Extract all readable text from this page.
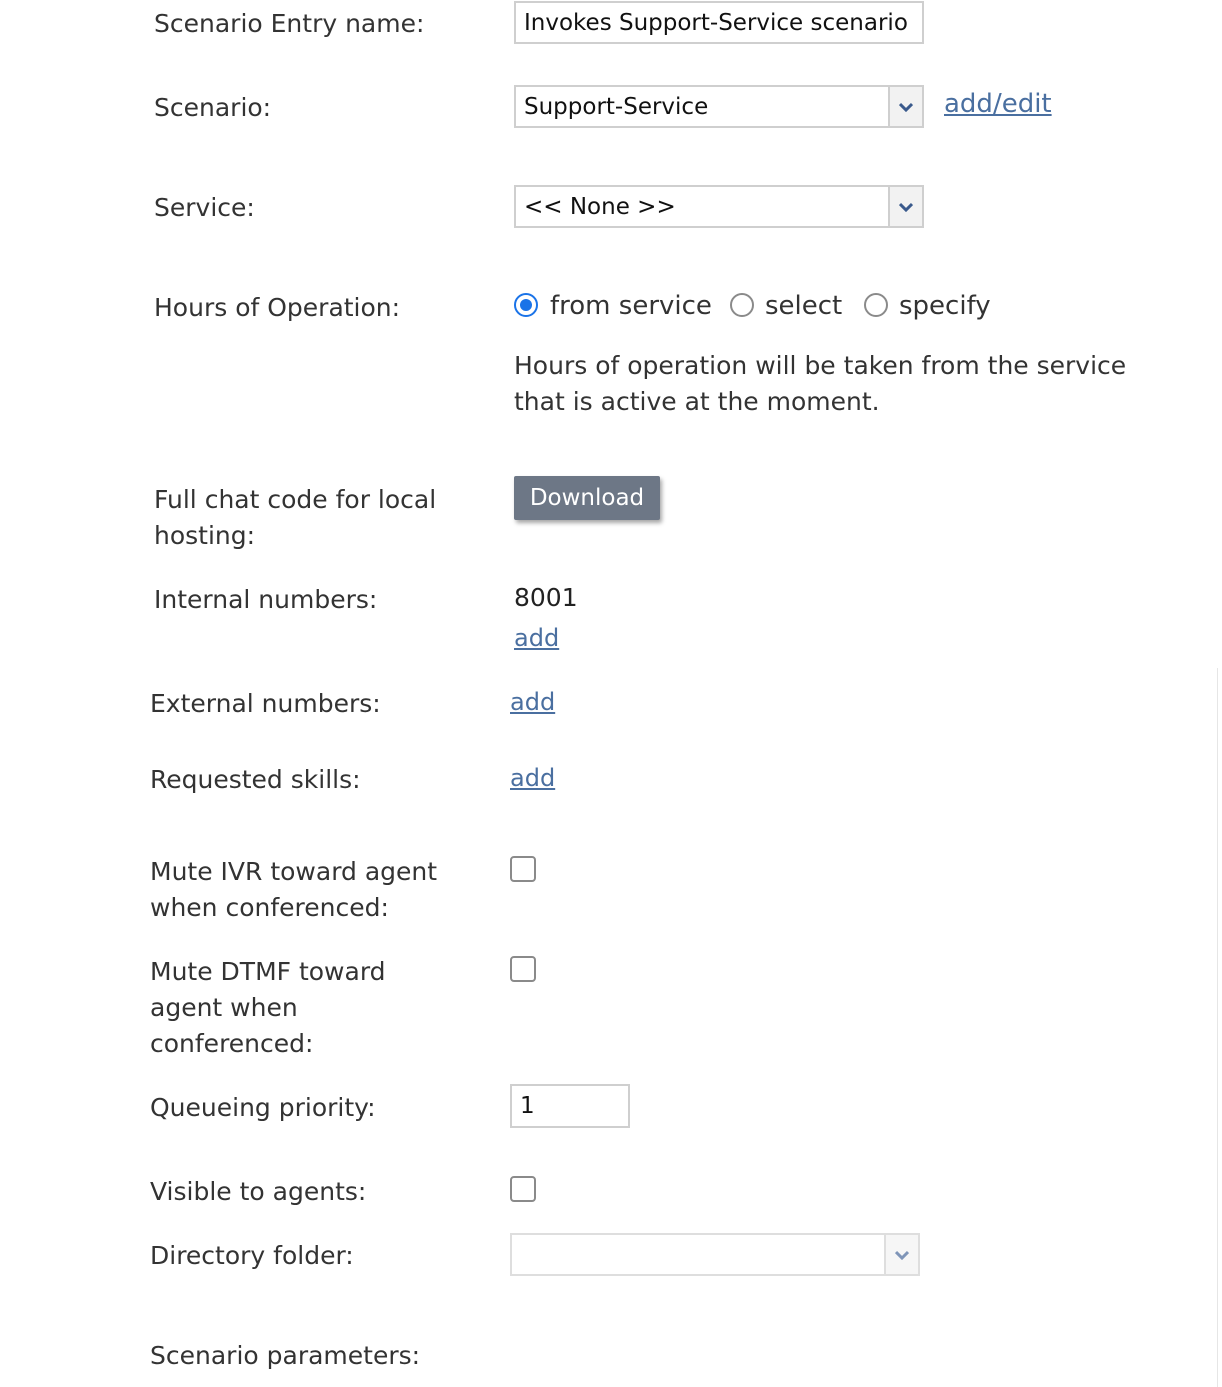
Scenario Entry name:	Invokes Support-Service scenario
Scenario:	Support-Service	add/edit
Service:	<< None >>
Hours of Operation:	from service select specify
Hours of operation will be taken from the service that is active at the moment.
Full chat code for local hosting:
Download
Internal numbers:	8001
add
External numbers:	add
Requested skills:	add
Mute IVR toward agent when conferenced:
Mute DTMF toward agent when conferenced:
Queueing priority:	1
Visible to agents:
Directory folder:
Scenario parameters:
